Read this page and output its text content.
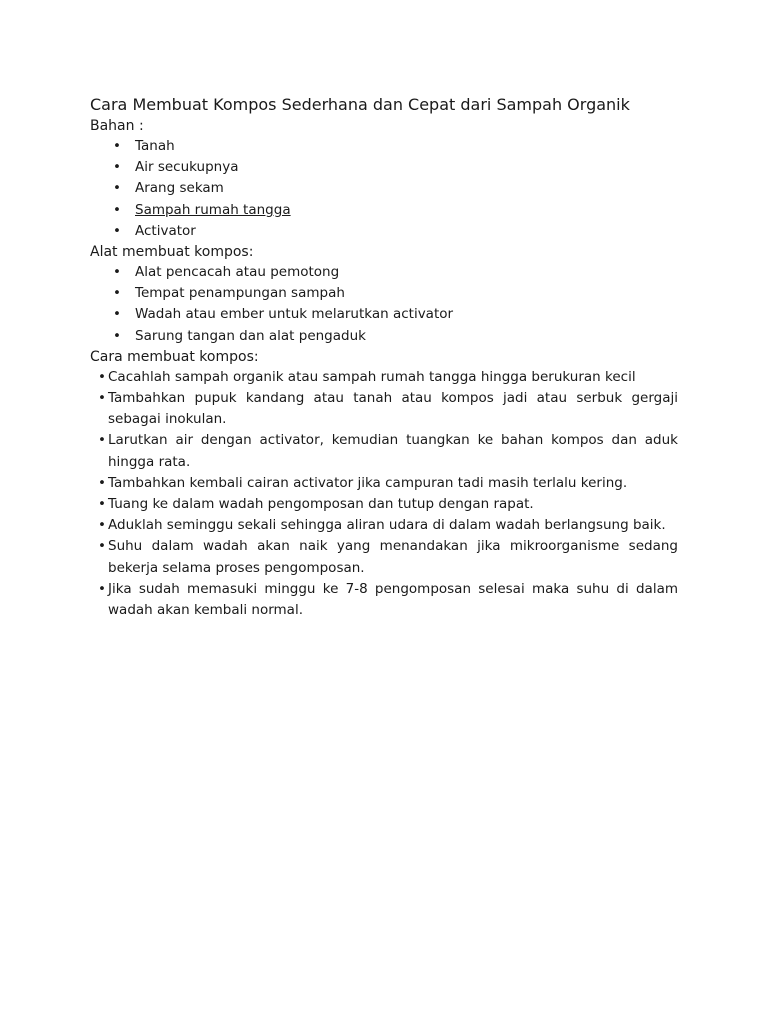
Cara Membuat Kompos Sederhana dan Cepat dari Sampah Organik

Bahan :

• Tanah
• Air secukupnya
• Arang sekam
• Sampah rumah tangga
• Activator

Alat membuat kompos:

• Alat pencacah atau pemotong
• Tempat penampungan sampah
• Wadah atau ember untuk melarutkan activator
• Sarung tangan dan alat pengaduk

Cara membuat kompos:

• Cacahlah sampah organik atau sampah rumah tangga hingga berukuran kecil
• Tambahkan pupuk kandang atau tanah atau kompos jadi atau serbuk gergaji sebagai inokulan.
• Larutkan air dengan activator, kemudian tuangkan ke bahan kompos dan aduk hingga rata.
• Tambahkan kembali cairan activator jika campuran tadi masih terlalu kering.
• Tuang ke dalam wadah pengomposan dan tutup dengan rapat.
• Aduklah seminggu sekali sehingga aliran udara di dalam wadah berlangsung baik.
• Suhu dalam wadah akan naik yang menandakan jika mikroorganisme sedang bekerja selama proses pengomposan.
• Jika sudah memasuki minggu ke 7-8 pengomposan selesai maka suhu di dalam wadah akan kembali normal.
